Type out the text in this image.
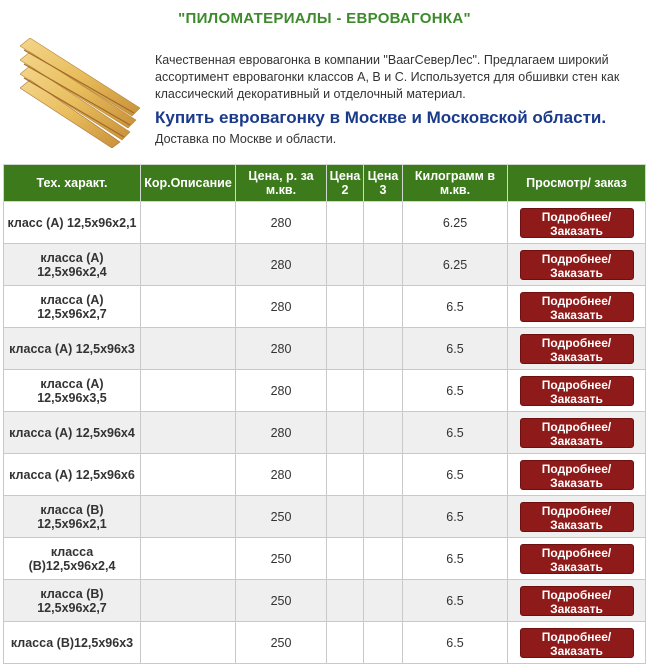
"ПИЛОМАТЕРИАЛЫ - ЕВРОВАГОНКА"
Качественная евровагонка в компании "ВаагСеверЛес". Предлагаем широкий ассортимент евровагонки классов А, В и С. Используется для обшивки стен как классический декоративный и отделочный материал.
Купить евровагонку в Москве и Московской области.
Доставка по Москве и области.
Тех. характ.	Кор.Описание	Цена, р. за м.кв.	Цена 2	Цена 3	Килограмм в м.кв.	Просмотр/ заказ
класс (А) 12,5x96x2,1		280			6.25	Подробнее/ Заказать
класса (А) 12,5x96x2,4		280			6.25	Подробнее/ Заказать
класса (А) 12,5x96x2,7		280			6.5	Подробнее/ Заказать
класса (А) 12,5x96x3		280			6.5	Подробнее/ Заказать
класса (А) 12,5x96x3,5		280			6.5	Подробнее/ Заказать
класса (А) 12,5x96x4		280			6.5	Подробнее/ Заказать
класса (А) 12,5x96x6		280			6.5	Подробнее/ Заказать
класса (В) 12,5x96x2,1		250			6.5	Подробнее/ Заказать
класса (В)12,5x96x2,4		250			6.5	Подробнее/ Заказать
класса (В) 12,5x96x2,7		250			6.5	Подробнее/ Заказать
класса (В)12,5x96x3		250			6.5	Подробнее/ Заказать
